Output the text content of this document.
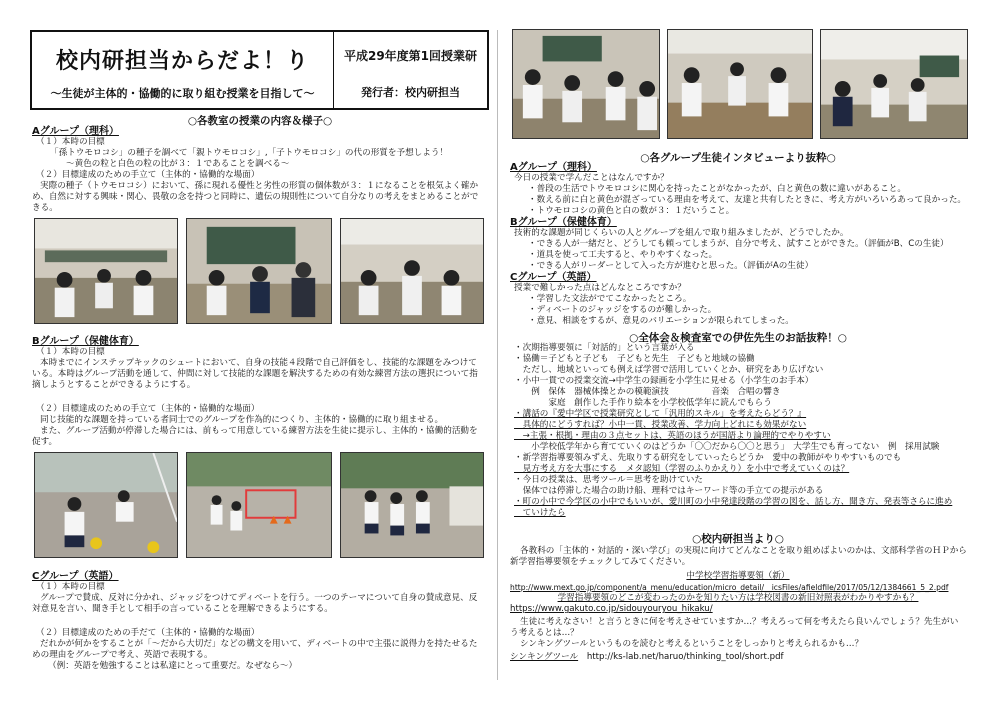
校内研担当からだよ！り
～生徒が主体的・協働的に取り組む授業を目指して～
平成29年度第1回授業研
発行者：校内研担当
○各教室の授業の内容＆様子○
Aグループ（理科）
（１）本時の目標
「孫トウモロコシ」の種子を調べて「親トウモロコシ」,「子トウモロコシ」の代の形質を予想しよう！
～黄色の粒と白色の粒の比が３：１であることを調べる～
（２）目標達成のための手立て（主体的・協働的な場面）
実際の種子（トウモロコシ）において、孫に現れる優性と劣性の形質の個体数が３：１になることを根気よく確か
め、自然に対する興味・関心、畏敬の念を持つと同時に、遺伝の規則性について自分なりの考えをまとめることがで
きる。
Bグループ（保健体育）
（１）本時の目標
本時までにインステップキックのシュートにおいて、自身の技能４段階で自己評価をし、技能的な課題をみつけて
いる。本時はグループ活動を通して、仲間に対して技能的な課題を解決するための有効な練習方法の選択について指
摘しようとすることができるようにする。
（２）目標達成のための手立て（主体的・協働的な場面）
同じ技能的な課題を持っている者同士でのグループを作為的につくり、主体的・協働的に取り組ませる。
また、グループ活動が停滞した場合には、前もって用意している練習方法を生徒に提示し、主体的・協働的活動を
促す。
Cグループ（英語）
（１）本時の目標
グループで賛成、反対に分かれ、ジャッジをつけてディベートを行う。一つのテーマについて自身の賛成意見、反
対意見を言い、聞き手として相手の言っていることを理解できるようにする。
（２）目標達成のための手だて（主体的・協働的な場面）
だれかが何かをすることが「～だから大切だ」などの構文を用いて、ディベートの中で主張に説得力を持たせるた
めの理由をグループで考え、英語で表現する。
（例：英語を勉強することは私達にとって重要だ。なぜなら～）
○各グループ生徒インタビューより抜粋○
Aグループ（理科）
今日の授業で学んだことはなんですか？
・普段の生活でトウモロコシに関心を持ったことがなかったが、白と黄色の数に違いがあること。
・数える前に白と黄色が混ざっている理由を考えて、友達と共有したときに、考え方がいろいろあって良かった。
・トウモロコシの黄色と白の数が３：１だいうこと。
Bグループ（保健体育）
技術的な課題が同じくらいの人とグループを組んで取り組みましたが、どうでしたか。
・できる人が一緒だと、どうしても頼ってしまうが、自分で考え、試すことができた。（評価がB、Cの生徒）
・道具を使って工夫すると、やりやすくなった。
・できる人がリーダーとして入った方が進むと思った。（評価がAの生徒）
Cグループ（英語）
授業で難しかった点はどんなところですか？
・学習した文法がでてこなかったところ。
・ディベートのジャッジをするのが難しかった。
・意見、相談をするが、意見のバリエーションが限られてしまった。
○全体会＆検査室での伊佐先生のお話抜粋！○
・次期指導要領に「対話的」という言葉が入る
・協働＝子どもと子ども　子どもと先生　子どもと地域の協働
　ただし、地域といっても例えば学習で活用していくとか、研究をあり広げない
・小中一貫での授業交流→中学生の録画を小学生に見せる（小学生のお手本）
　　例　保体　器械体操とかの模範演技　　　　　音楽　合唱の響き
　　　　家庭　創作した手作り絵本を小学校低学年に読んでもらう
・講話の『愛中学区で授業研究として「汎用的スキル」を考えたらどう？』
　具体的にどうすれば？小中一貫、授業改善、学力向上どれにも効果がない
　→主張・根拠・理由の３点セットは、英語のほうが国語より論理的でやりやすい
　　小学校低学年から育てていくのはどうか「〇〇だから〇〇と思う」　大学生でも育ってない　例　採用試験
・新学習指導要領みずえ、先取りする研究をしていったらどうか　愛中の教師がやりやすいものでも
　見方考え方を大事にする　メタ認知（学習のふりかえり）を小中で考えていくのは？
・今日の授業は、思考ツール＝思考を助けていた
　保体では停滞した場合の助け船、理科ではキーワード等の手立ての提示がある
・町の小中で今学区の小中でもいいが、愛川町の小中発達段階の学習の図を、話し方、聞き方、発表等さらに進め
　ていけたら
○校内研担当より○
各教科の「主体的・対話的・深い学び」の実現に向けてどんなことを取り組めばよいのかは、文部科学省のＨＰから
新学習指導要領をチェックしてみてください。
中学校学習指導要領（新）
http://www.mext.go.jp/component/a_menu/education/micro_detail/__icsFiles/afieldfile/2017/05/12/1384661_5_2.pdf
学習指導要領のどこが変わったのかを知りたい方は学校図書の新旧対照表がわかりやすかも？
https://www.gakuto.co.jp/sidouyouryou_hikaku/
生徒に考えなさい！と言うときに何を考えさせていますか…？考えろって何を考えたら良いんでしょう？先生がい
う考えるとは…？
シンキングツールというものを読むと考えるということをしっかりと考えられるかも…？
シンキングツール http://ks-lab.net/haruo/thinking_tool/short.pdf
